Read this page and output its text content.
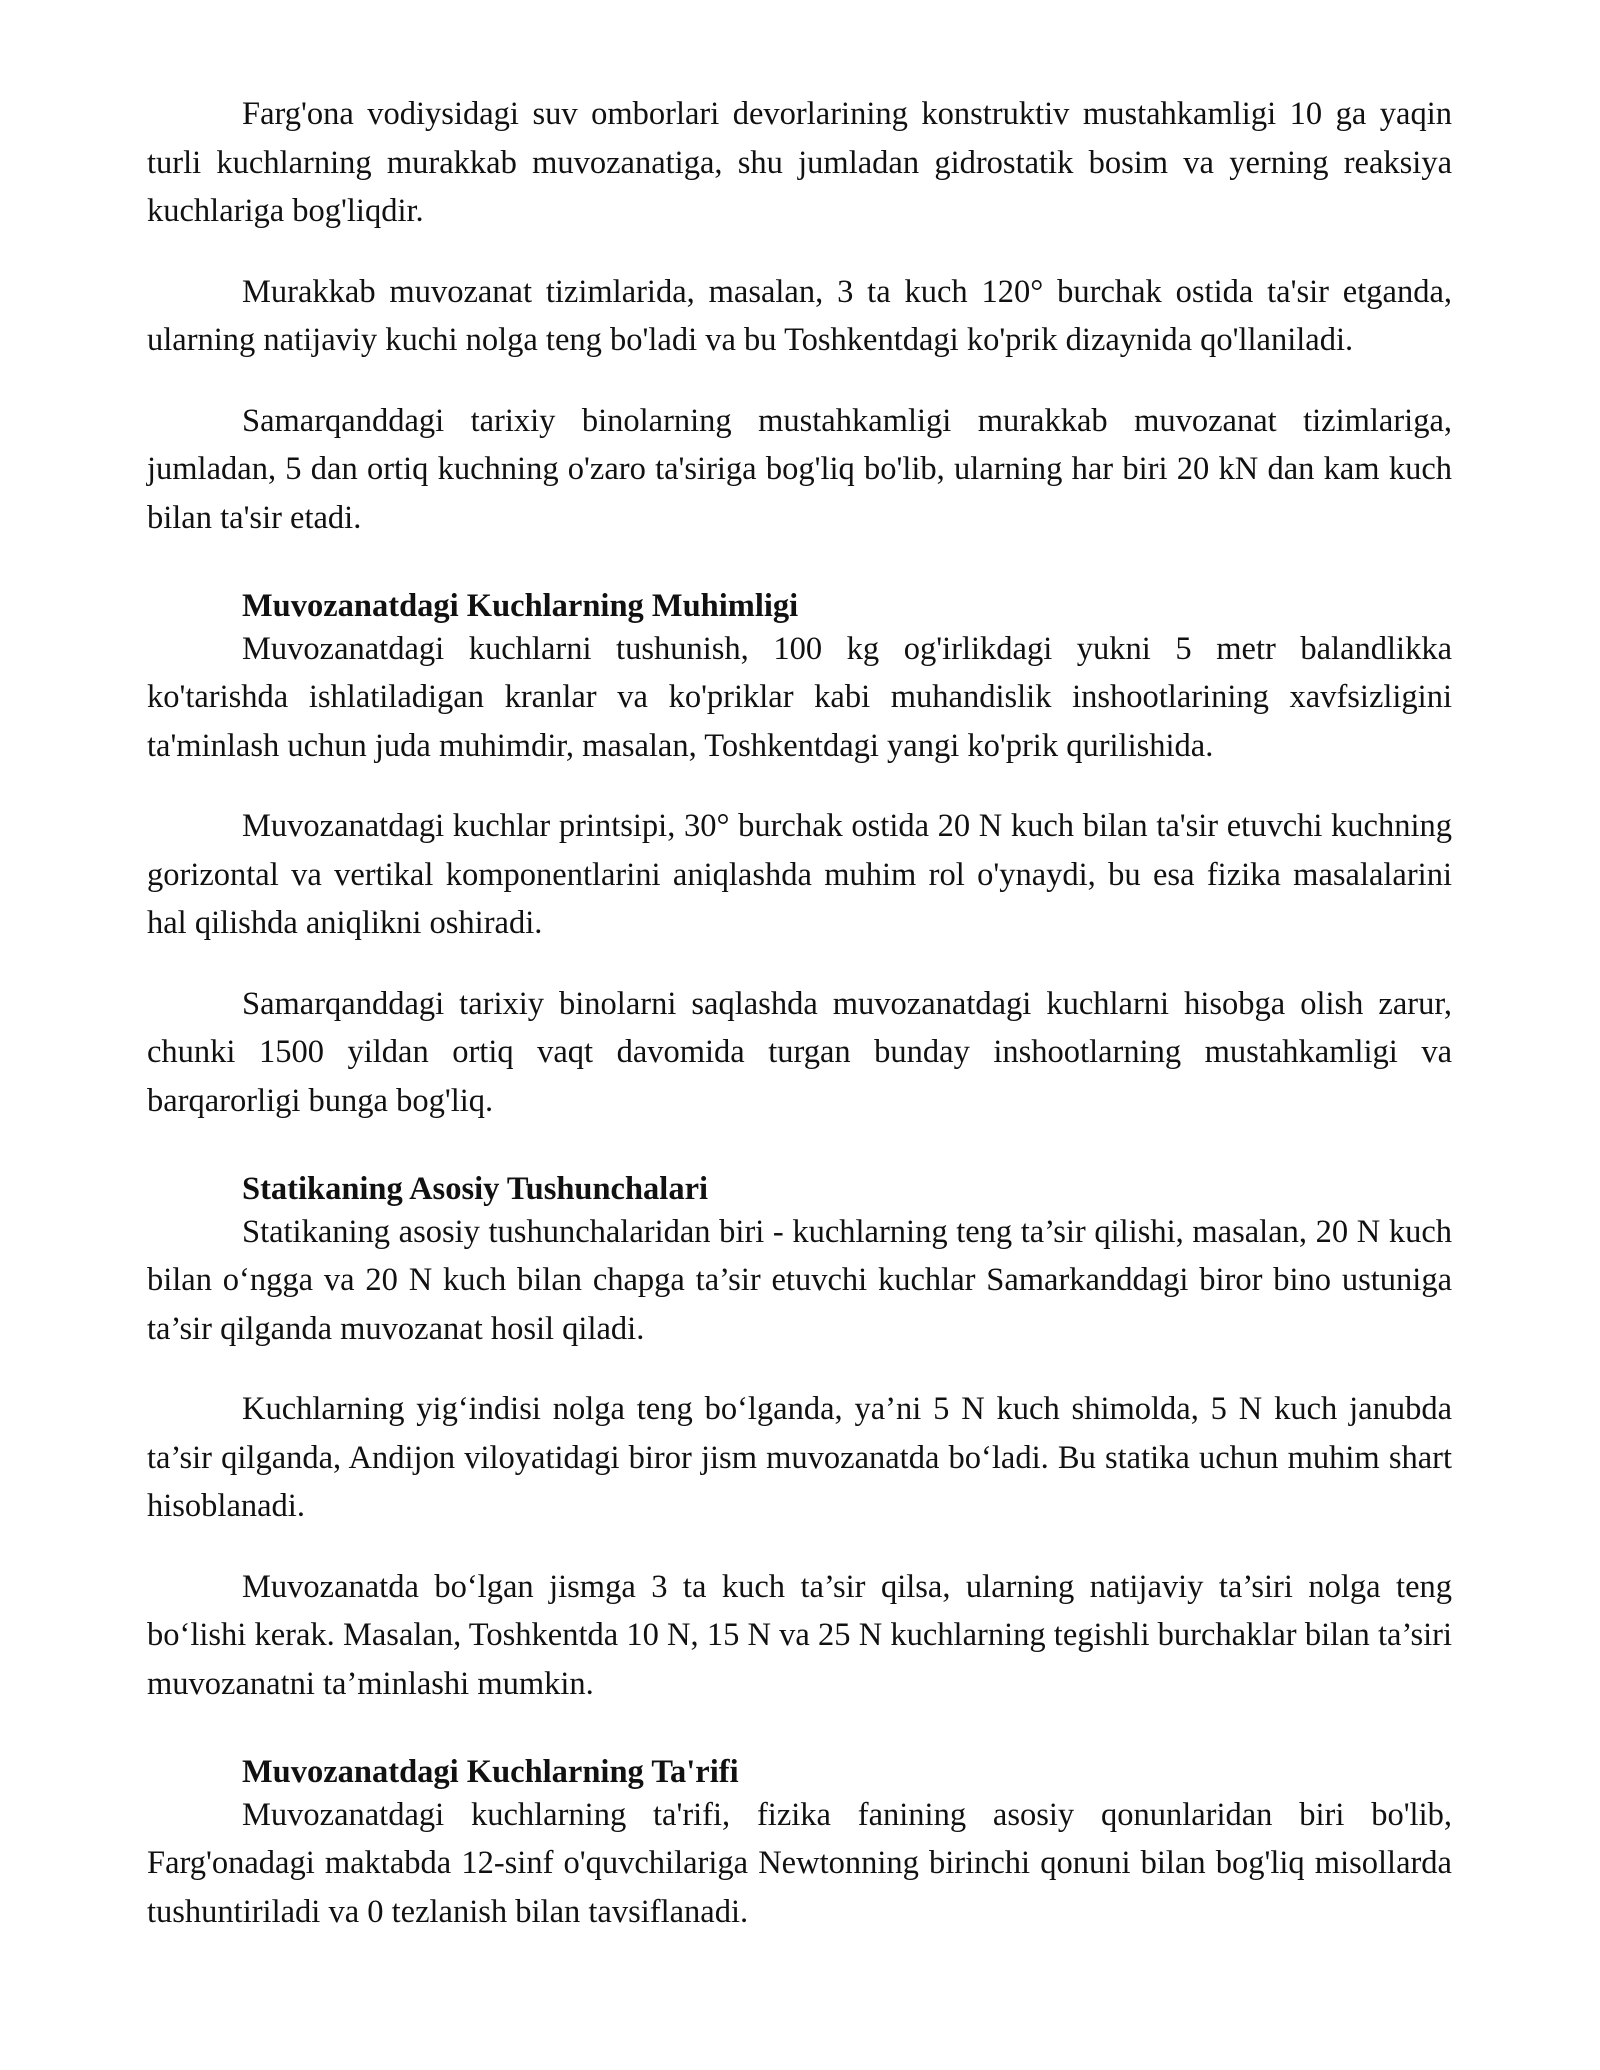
Farg'ona vodiysidagi suv omborlari devorlarining konstruktiv mustahkamligi 10 ga yaqin turli kuchlarning murakkab muvozanatiga, shu jumladan gidrostatik bosim va yerning reaksiya kuchlariga bog'liqdir.

Murakkab muvozanat tizimlarida, masalan, 3 ta kuch 120° burchak ostida ta'sir etganda, ularning natijaviy kuchi nolga teng bo'ladi va bu Toshkentdagi ko'prik dizaynida qo'llaniladi.

Samarqanddagi tarixiy binolarning mustahkamligi murakkab muvozanat tizimlariga, jumladan, 5 dan ortiq kuchning o'zaro ta'siriga bog'liq bo'lib, ularning har biri 20 kN dan kam kuch bilan ta'sir etadi.

Muvozanatdagi Kuchlarning Muhimligi

Muvozanatdagi kuchlarni tushunish, 100 kg og'irlikdagi yukni 5 metr balandlikka ko'tarishda ishlatiladigan kranlar va ko'priklar kabi muhandislik inshootlarining xavfsizligini ta'minlash uchun juda muhimdir, masalan, Toshkentdagi yangi ko'prik qurilishida.

Muvozanatdagi kuchlar printsipi, 30° burchak ostida 20 N kuch bilan ta'sir etuvchi kuchning gorizontal va vertikal komponentlarini aniqlashda muhim rol o'ynaydi, bu esa fizika masalalarini hal qilishda aniqlikni oshiradi.

Samarqanddagi tarixiy binolarni saqlashda muvozanatdagi kuchlarni hisobga olish zarur, chunki 1500 yildan ortiq vaqt davomida turgan bunday inshootlarning mustahkamligi va barqarorligi bunga bog'liq.

Statikaning Asosiy Tushunchalari

Statikaning asosiy tushunchalaridan biri - kuchlarning teng ta’sir qilishi, masalan, 20 N kuch bilan o‘ngga va 20 N kuch bilan chapga ta’sir etuvchi kuchlar Samarkanddagi biror bino ustuniga ta’sir qilganda muvozanat hosil qiladi.

Kuchlarning yig‘indisi nolga teng bo‘lganda, ya’ni 5 N kuch shimolda, 5 N kuch janubda ta’sir qilganda, Andijon viloyatidagi biror jism muvozanatda bo‘ladi. Bu statika uchun muhim shart hisoblanadi.

Muvozanatda bo‘lgan jismga 3 ta kuch ta’sir qilsa, ularning natijaviy ta’siri nolga teng bo‘lishi kerak. Masalan, Toshkentda 10 N, 15 N va 25 N kuchlarning tegishli burchaklar bilan ta’siri muvozanatni ta’minlashi mumkin.

Muvozanatdagi Kuchlarning Ta'rifi

Muvozanatdagi kuchlarning ta'rifi, fizika fanining asosiy qonunlaridan biri bo'lib, Farg'onadagi maktabda 12-sinf o'quvchilariga Newtonning birinchi qonuni bilan bog'liq misollarda tushuntiriladi va 0 tezlanish bilan tavsiflanadi.
